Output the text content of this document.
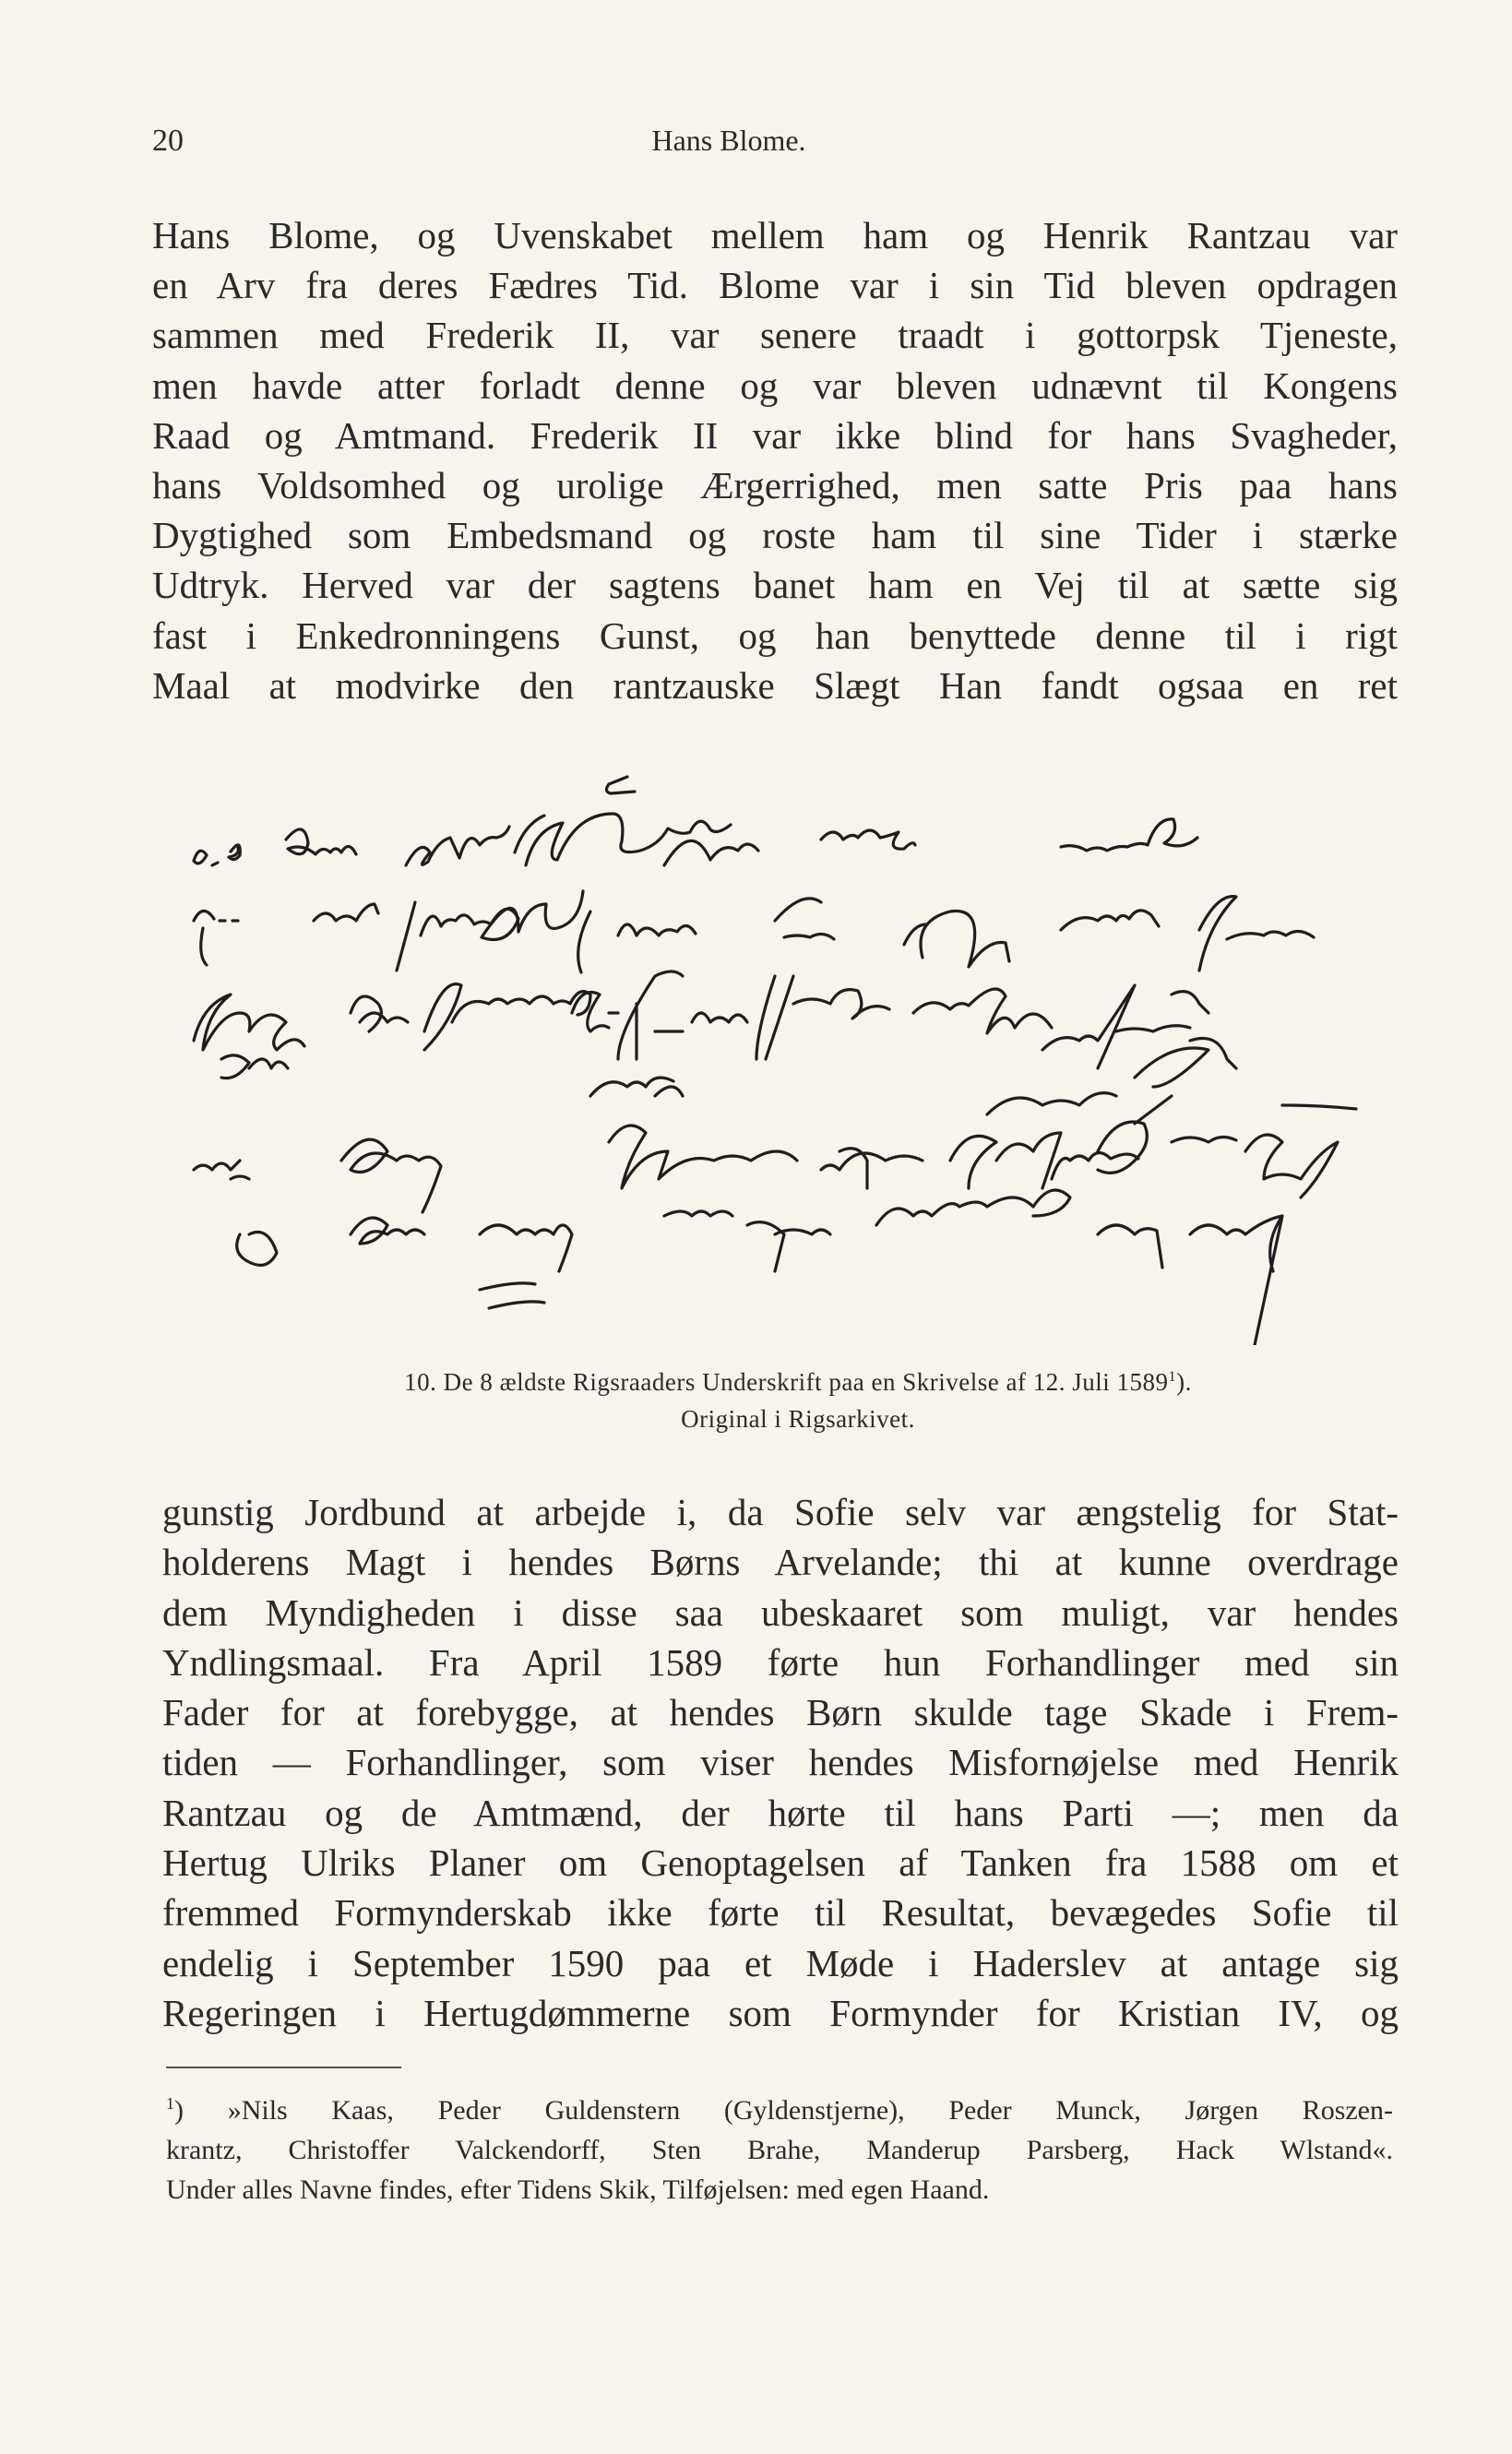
20	Hans Blome.
Hans Blome, og Uvenskabet mellem ham og Henrik Rantzau var
en Arv fra deres Fædres Tid. Blome var i sin Tid bleven opdragen
sammen med Frederik II, var senere traadt i gottorpsk Tjeneste,
men havde atter forladt denne og var bleven udnævnt til Kongens
Raad og Amtmand. Frederik II var ikke blind for hans Svagheder,
hans Voldsomhed og urolige Ærgerrighed, men satte Pris paa hans
Dygtighed som Embedsmand og roste ham til sine Tider i stærke
Udtryk. Herved var der sagtens banet ham en Vej til at sætte sig
fast i Enkedronningens Gunst, og han benyttede denne til i rigt
Maal at modvirke den rantzauske Slægt Han fandt ogsaa en ret
10. De 8 ældste Rigsraaders Underskrift paa en Skrivelse af 12. Juli 1589$^1$).
Original i Rigsarkivet.
gunstig Jordbund at arbejde i, da Sofie selv var ængstelig for Stat-
holderens Magt i hendes Børns Arvelande; thi at kunne overdrage
dem Myndigheden i disse saa ubeskaaret som muligt, var hendes
Yndlingsmaal. Fra April 1589 førte hun Forhandlinger med sin
Fader for at forebygge, at hendes Børn skulde tage Skade i Frem-
tiden — Forhandlinger, som viser hendes Misfornøjelse med Henrik
Rantzau og de Amtmænd, der hørte til hans Parti —; men da
Hertug Ulriks Planer om Genoptagelsen af Tanken fra 1588 om et
fremmed Formynderskab ikke førte til Resultat, bevægedes Sofie til
endelig i September 1590 paa et Møde i Haderslev at antage sig
Regeringen i Hertugdømmerne som Formynder for Kristian IV, og
$^1$) »Nils Kaas, Peder Guldenstern (Gyldenstjerne), Peder Munck, Jørgen Roszen-
krantz, Christoffer Valckendorff, Sten Brahe, Manderup Parsberg, Hack Wlstand«.
Under alles Navne findes, efter Tidens Skik, Tilføjelsen: med egen Haand.
